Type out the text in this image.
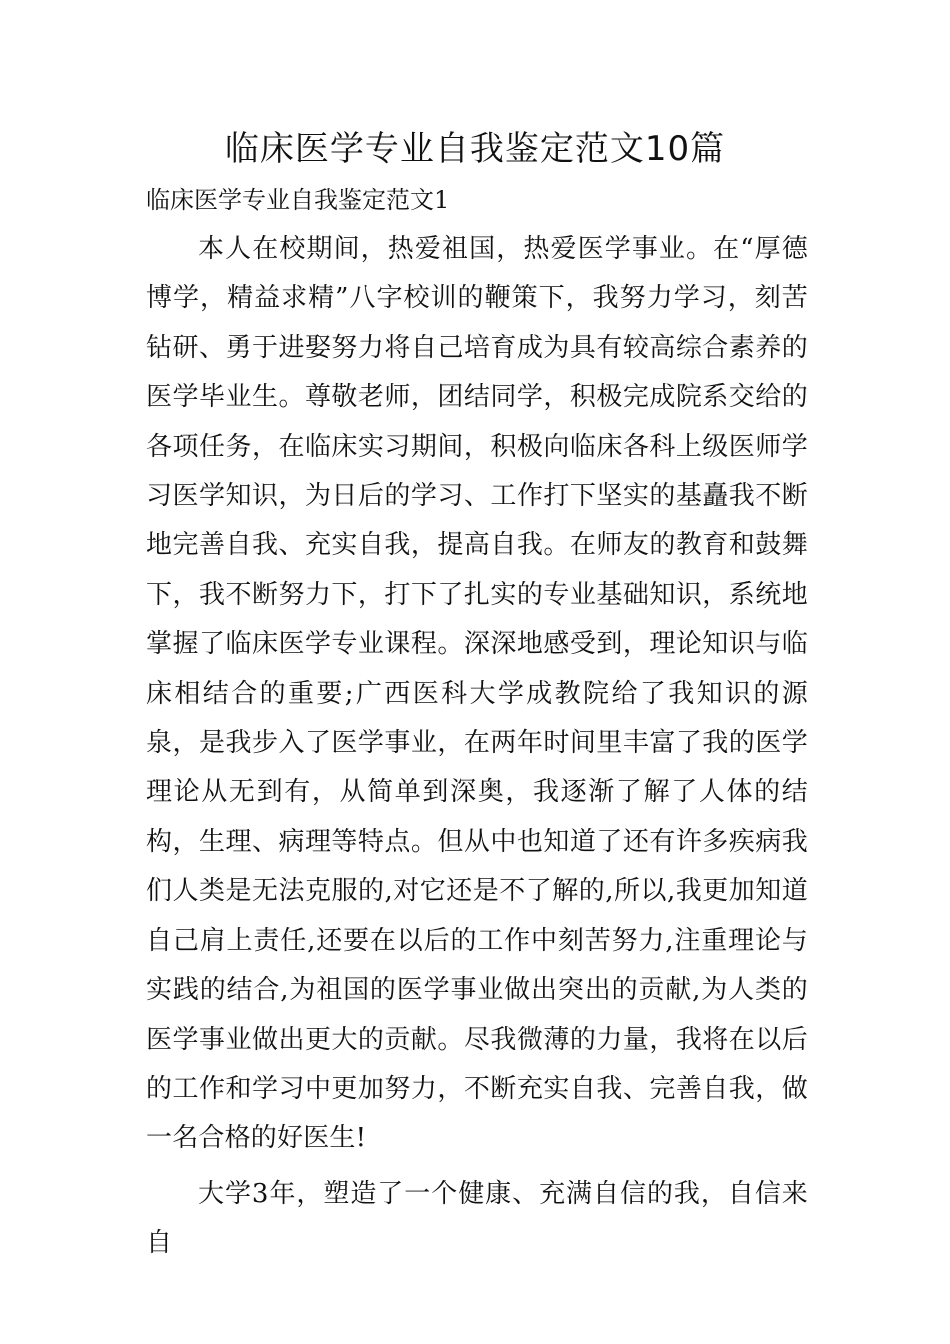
临床医学专业自我鉴定范文10篇

临床医学专业自我鉴定范文1

本人在校期间，热爱祖国，热爱医学事业。在“厚德博学，精益求精”八字校训的鞭策下，我努力学习，刻苦钻研、勇于进娶努力将自己培育成为具有较高综合素养的医学毕业生。尊敬老师，团结同学，积极完成院系交给的各项任务，在临床实习期间，积极向临床各科上级医师学习医学知识，为日后的学习、工作打下坚实的基矗我不断地完善自我、充实自我，提高自我。在师友的教育和鼓舞下，我不断努力下，打下了扎实的专业基础知识，系统地掌握了临床医学专业课程。深深地感受到，理论知识与临床相结合的重要;广西医科大学成教院给了我知识的源泉，是我步入了医学事业，在两年时间里丰富了我的医学理论从无到有，从简单到深奥，我逐渐了解了人体的结构，生理、病理等特点。但从中也知道了还有许多疾病我们人类是无法克服的,对它还是不了解的,所以,我更加知道自己肩上责任,还要在以后的工作中刻苦努力,注重理论与实践的结合,为祖国的医学事业做出突出的贡献,为人类的医学事业做出更大的贡献。尽我微薄的力量，我将在以后的工作和学习中更加努力，不断充实自我、完善自我，做一名合格的好医生!

大学3年，塑造了一个健康、充满自信的我，自信来自
